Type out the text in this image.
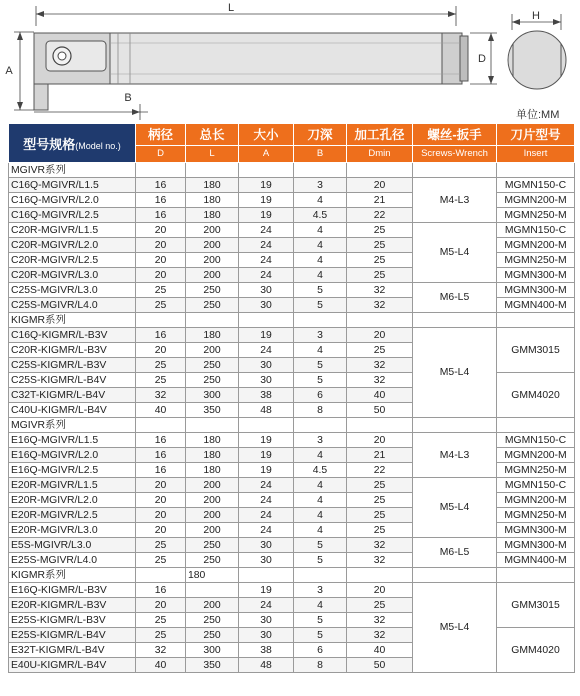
L
A
D
B
H
单位:MM
型号规格(Model no.)	柄径	总长	大小	刀深	加工孔径	螺丝-扳手	刀片型号
	D	L	A	B	Dmin	Screws-Wrench	Insert
MGIVR系列							
C16Q-MGIVR/L1.5	16	180	19	3	20	M4-L3	MGMN150-C
C16Q-MGIVR/L2.0	16	180	19	4	21		MGMN200-M
C16Q-MGIVR/L2.5	16	180	19	4.5	22		MGMN250-M
C20R-MGIVR/L1.5	20	200	24	4	25	M5-L4	MGMN150-C
C20R-MGIVR/L2.0	20	200	24	4	25		MGMN200-M
C20R-MGIVR/L2.5	20	200	24	4	25		MGMN250-M
C20R-MGIVR/L3.0	20	200	24	4	25		MGMN300-M
C25S-MGIVR/L3.0	25	250	30	5	32	M6-L5	MGMN300-M
C25S-MGIVR/L4.0	25	250	30	5	32		MGMN400-M
KIGMR系列							
C16Q-KIGMR/L-B3V	16	180	19	3	20	M5-L4	GMM3015
C20R-KIGMR/L-B3V	20	200	24	4	25		
C25S-KIGMR/L-B3V	25	250	30	5	32		
C25S-KIGMR/L-B4V	25	250	30	5	32		GMM4020
C32T-KIGMR/L-B4V	32	300	38	6	40		
C40U-KIGMR/L-B4V	40	350	48	8	50		
MGIVR系列							
E16Q-MGIVR/L1.5	16	180	19	3	20	M4-L3	MGMN150-C
E16Q-MGIVR/L2.0	16	180	19	4	21		MGMN200-M
E16Q-MGIVR/L2.5	16	180	19	4.5	22		MGMN250-M
E20R-MGIVR/L1.5	20	200	24	4	25	M5-L4	MGMN150-C
E20R-MGIVR/L2.0	20	200	24	4	25		MGMN200-M
E20R-MGIVR/L2.5	20	200	24	4	25		MGMN250-M
E20R-MGIVR/L3.0	20	200	24	4	25		MGMN300-M
E5S-MGIVR/L3.0	25	250	30	5	32	M6-L5	MGMN300-M
E25S-MGIVR/L4.0	25	250	30	5	32		MGMN400-M
KIGMR系列		180					
E16Q-KIGMR/L-B3V	16		19	3	20	M5-L4	GMM3015
E20R-KIGMR/L-B3V	20	200	24	4	25		
E25S-KIGMR/L-B3V	25	250	30	5	32		
E25S-KIGMR/L-B4V	25	250	30	5	32		GMM4020
E32T-KIGMR/L-B4V	32	300	38	6	40		
E40U-KIGMR/L-B4V	40	350	48	8	50		
